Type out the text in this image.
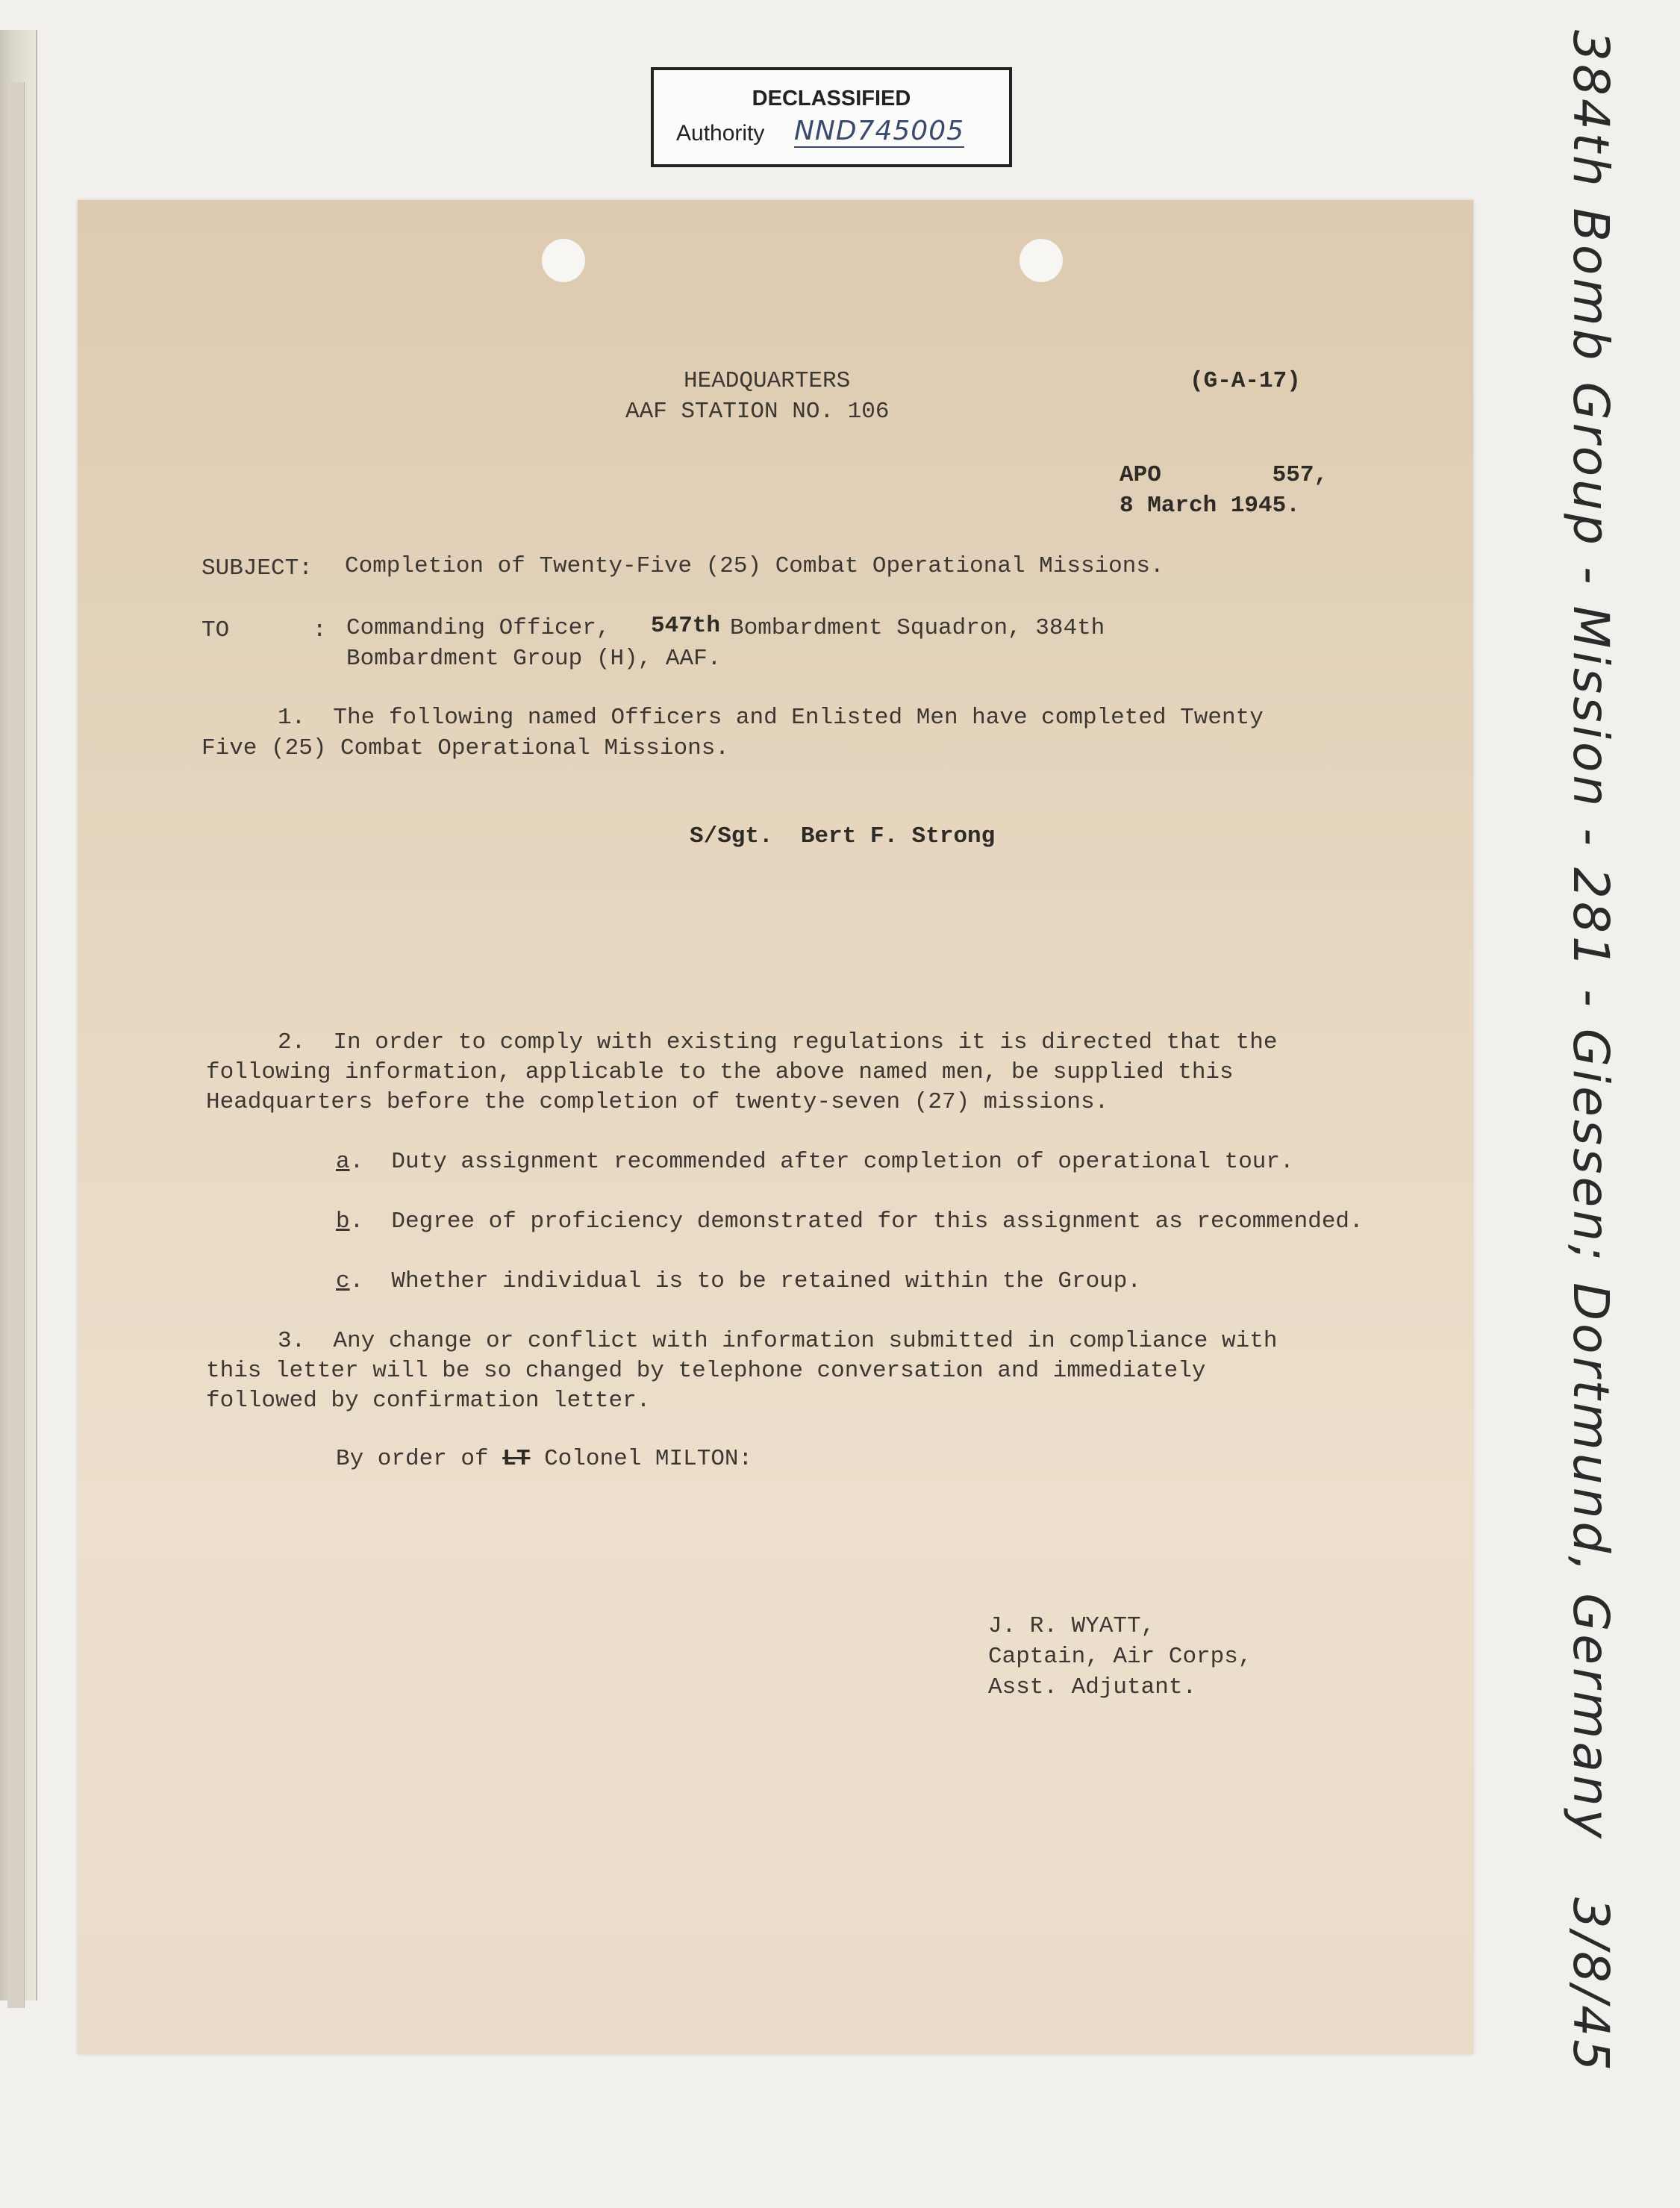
DECLASSIFIED
Authority NND745005
HEADQUARTERS
AAF STATION NO. 106
(G-A-17)
APO        557,
8 March 1945.
SUBJECT: Completion of Twenty-Five (25) Combat Operational Missions.
TO      : Commanding Officer, 547th Bombardment Squadron, 384th
Bombardment Group (H), AAF.
1.  The following named Officers and Enlisted Men have completed Twenty
Five (25) Combat Operational Missions.
S/Sgt.  Bert F. Strong
2.  In order to comply with existing regulations it is directed that the
following information, applicable to the above named men, be supplied this
Headquarters before the completion of twenty-seven (27) missions.
a.  Duty assignment recommended after completion of operational tour.
b.  Degree of proficiency demonstrated for this assignment as recommended.
c.  Whether individual is to be retained within the Group.
3.  Any change or conflict with information submitted in compliance with
this letter will be so changed by telephone conversation and immediately
followed by confirmation letter.
By order of LT Colonel MILTON:
J. R. WYATT,
Captain, Air Corps,
Asst. Adjutant.	384th Bomb Group - Mission - 281 - Giessen; Dortmund, Germany   3/8/45
